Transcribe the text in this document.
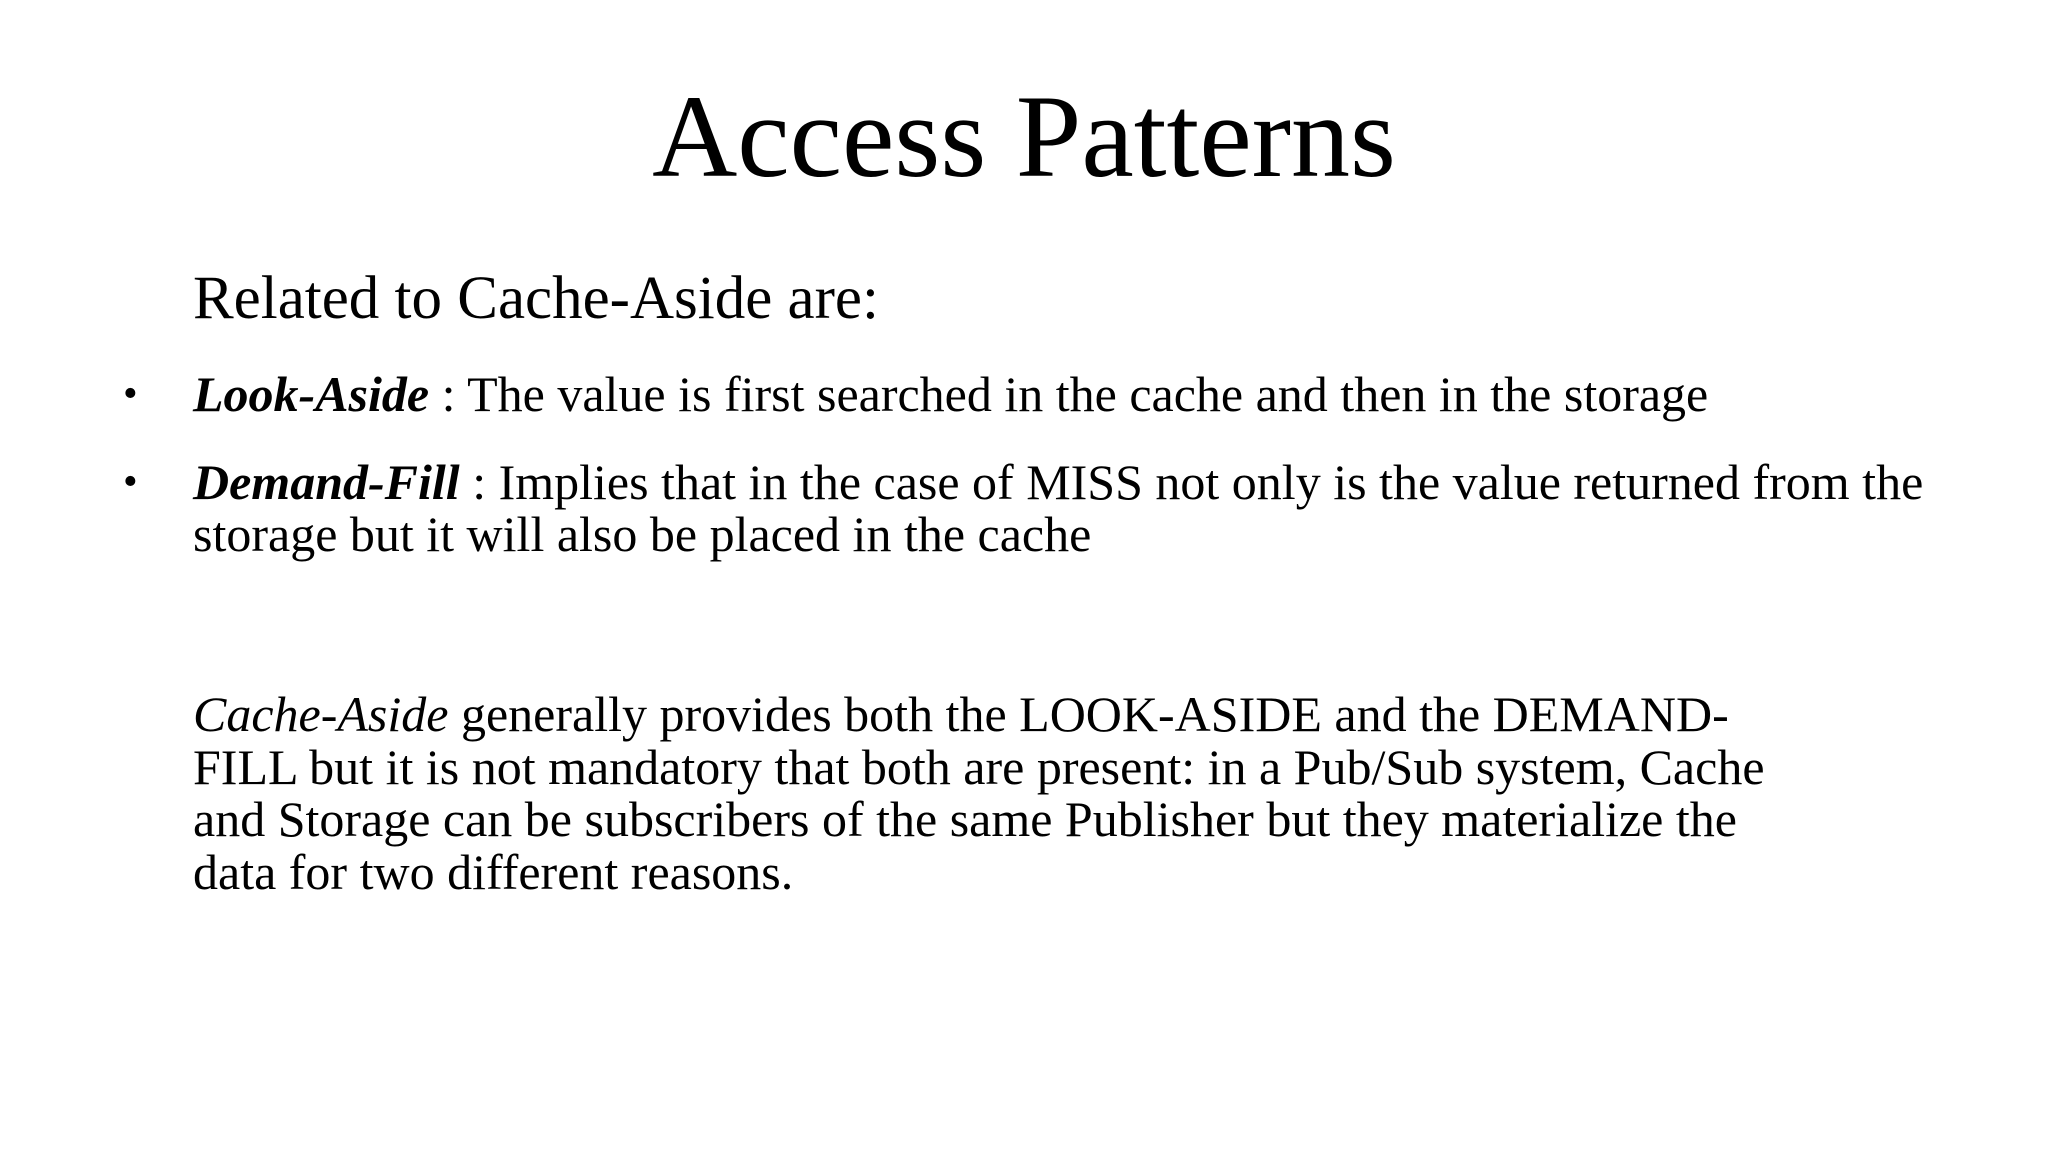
Access Patterns

Related to Cache-Aside are:

• Look-Aside : The value is first searched in the cache and then in the storage
• Demand-Fill : Implies that in the case of MISS not only is the value returned from the storage but it will also be placed in the cache

Cache-Aside generally provides both the LOOK-ASIDE and the DEMAND-
FILL but it is not mandatory that both are present: in a Pub/Sub system, Cache
and Storage can be subscribers of the same Publisher but they materialize the
data for two different reasons.
